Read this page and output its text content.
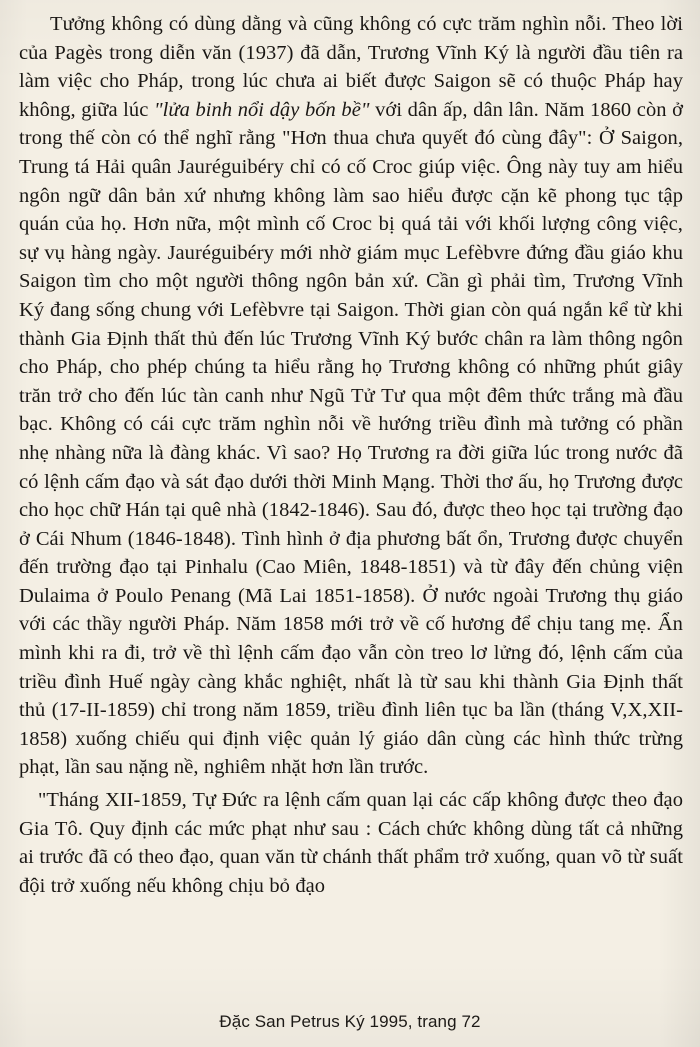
Tưởng không có dùng dằng và cũng không có cực trăm nghìn nỗi. Theo lời của Pagès trong diễn văn (1937) đã dẫn, Trương Vĩnh Ký là người đầu tiên ra làm việc cho Pháp, trong lúc chưa ai biết được Saigon sẽ có thuộc Pháp hay không, giữa lúc "lửa binh nổi dậy bốn bề" với dân ấp, dân lân. Năm 1860 còn ở trong thế còn có thể nghĩ rằng "Hơn thua chưa quyết đó cùng đây": Ở Saigon, Trung tá Hải quân Jauréguibéry chỉ có cố Croc giúp việc. Ông này tuy am hiểu ngôn ngữ dân bản xứ nhưng không làm sao hiểu được cặn kẽ phong tục tập quán của họ. Hơn nữa, một mình cố Croc bị quá tải với khối lượng công việc, sự vụ hàng ngày. Jauréguibéry mới nhờ giám mục Lefèbvre đứng đầu giáo khu Saigon tìm cho một người thông ngôn bản xứ. Cần gì phải tìm, Trương Vĩnh Ký đang sống chung với Lefèbvre tại Saigon. Thời gian còn quá ngắn kể từ khi thành Gia Định thất thủ đến lúc Trương Vĩnh Ký bước chân ra làm thông ngôn cho Pháp, cho phép chúng ta hiểu rằng họ Trương không có những phút giây trăn trở cho đến lúc tàn canh như Ngũ Tử Tư qua một đêm thức trắng mà đầu bạc. Không có cái cực trăm nghìn nỗi về hướng triều đình mà tưởng có phần nhẹ nhàng nữa là đàng khác. Vì sao? Họ Trương ra đời giữa lúc trong nước đã có lệnh cấm đạo và sát đạo dưới thời Minh Mạng. Thời thơ ấu, họ Trương được cho học chữ Hán tại quê nhà (1842-1846). Sau đó, được theo học tại trường đạo ở Cái Nhum (1846-1848). Tình hình ở địa phương bất ổn, Trương được chuyển đến trường đạo tại Pinhalu (Cao Miên, 1848-1851) và từ đây đến chủng viện Dulaima ở Poulo Penang (Mã Lai 1851-1858). Ở nước ngoài Trương thụ giáo với các thầy người Pháp. Năm 1858 mới trở về cố hương để chịu tang mẹ. Ẩn mình khi ra đi, trở về thì lệnh cấm đạo vẫn còn treo lơ lửng đó, lệnh cấm của triều đình Huế ngày càng khắc nghiệt, nhất là từ sau khi thành Gia Định thất thủ (17-II-1859) chỉ trong năm 1859, triều đình liên tục ba lần (tháng V,X,XII-1858) xuống chiếu qui định việc quản lý giáo dân cùng các hình thức trừng phạt, lần sau nặng nề, nghiêm nhặt hơn lần trước.

"Tháng XII-1859, Tự Đức ra lệnh cấm quan lại các cấp không được theo đạo Gia Tô. Quy định các mức phạt như sau : Cách chức không dùng tất cả những ai trước đã có theo đạo, quan văn từ chánh thất phẩm trở xuống, quan võ từ suất đội trở xuống nếu không chịu bỏ đạo

Đặc San Petrus Ký 1995, trang 72
